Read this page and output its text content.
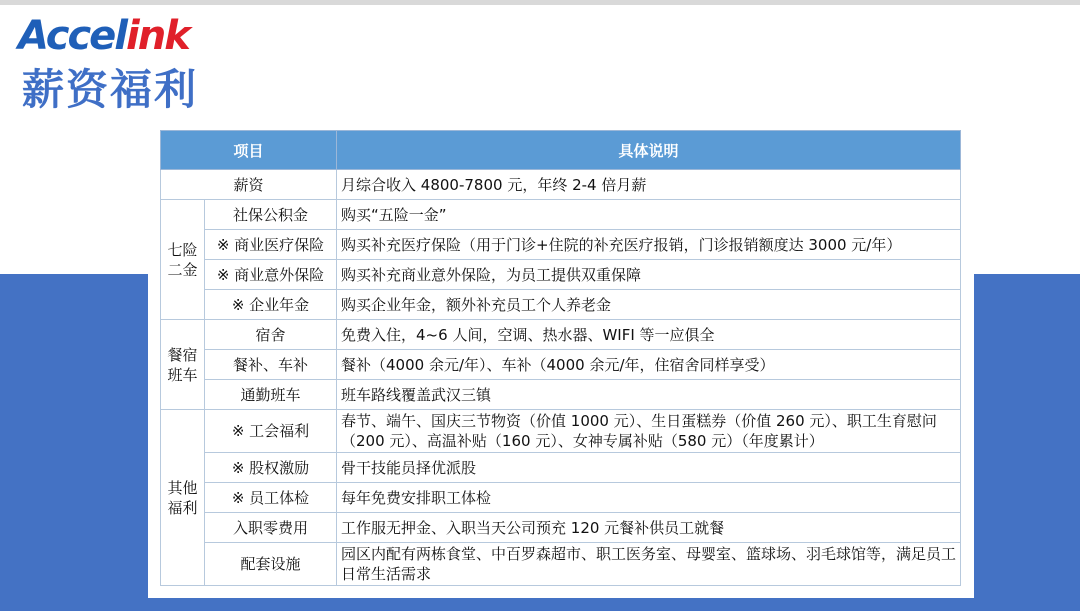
Accelink
薪资福利
项目		具体说明
薪资		月综合收入 4800-7800 元，年终 2-4 倍月薪
七险二金	社保公积金	购买“五险一金”
	※ 商业医疗保险	购买补充医疗保险（用于门诊+住院的补充医疗报销，门诊报销额度达 3000 元/年）
	※ 商业意外保险	购买补充商业意外保险，为员工提供双重保障
	※ 企业年金	购买企业年金，额外补充员工个人养老金
餐宿班车	宿舍	免费入住，4~6 人间，空调、热水器、WIFI 等一应俱全
	餐补、车补	餐补（4000 余元/年）、车补（4000 余元/年，住宿舍同样享受）
	通勤班车	班车路线覆盖武汉三镇
其他福利	※ 工会福利	春节、端午、国庆三节物资（价值 1000 元）、生日蛋糕券（价值 260 元）、职工生育慰问（200 元）、高温补贴（160 元）、女神专属补贴（580 元）（年度累计）
	※ 股权激励	骨干技能员择优派股
	※ 员工体检	每年免费安排职工体检
	入职零费用	工作服无押金、入职当天公司预充 120 元餐补供员工就餐
	配套设施	园区内配有两栋食堂、中百罗森超市、职工医务室、母婴室、篮球场、羽毛球馆等，满足员工日常生活需求
